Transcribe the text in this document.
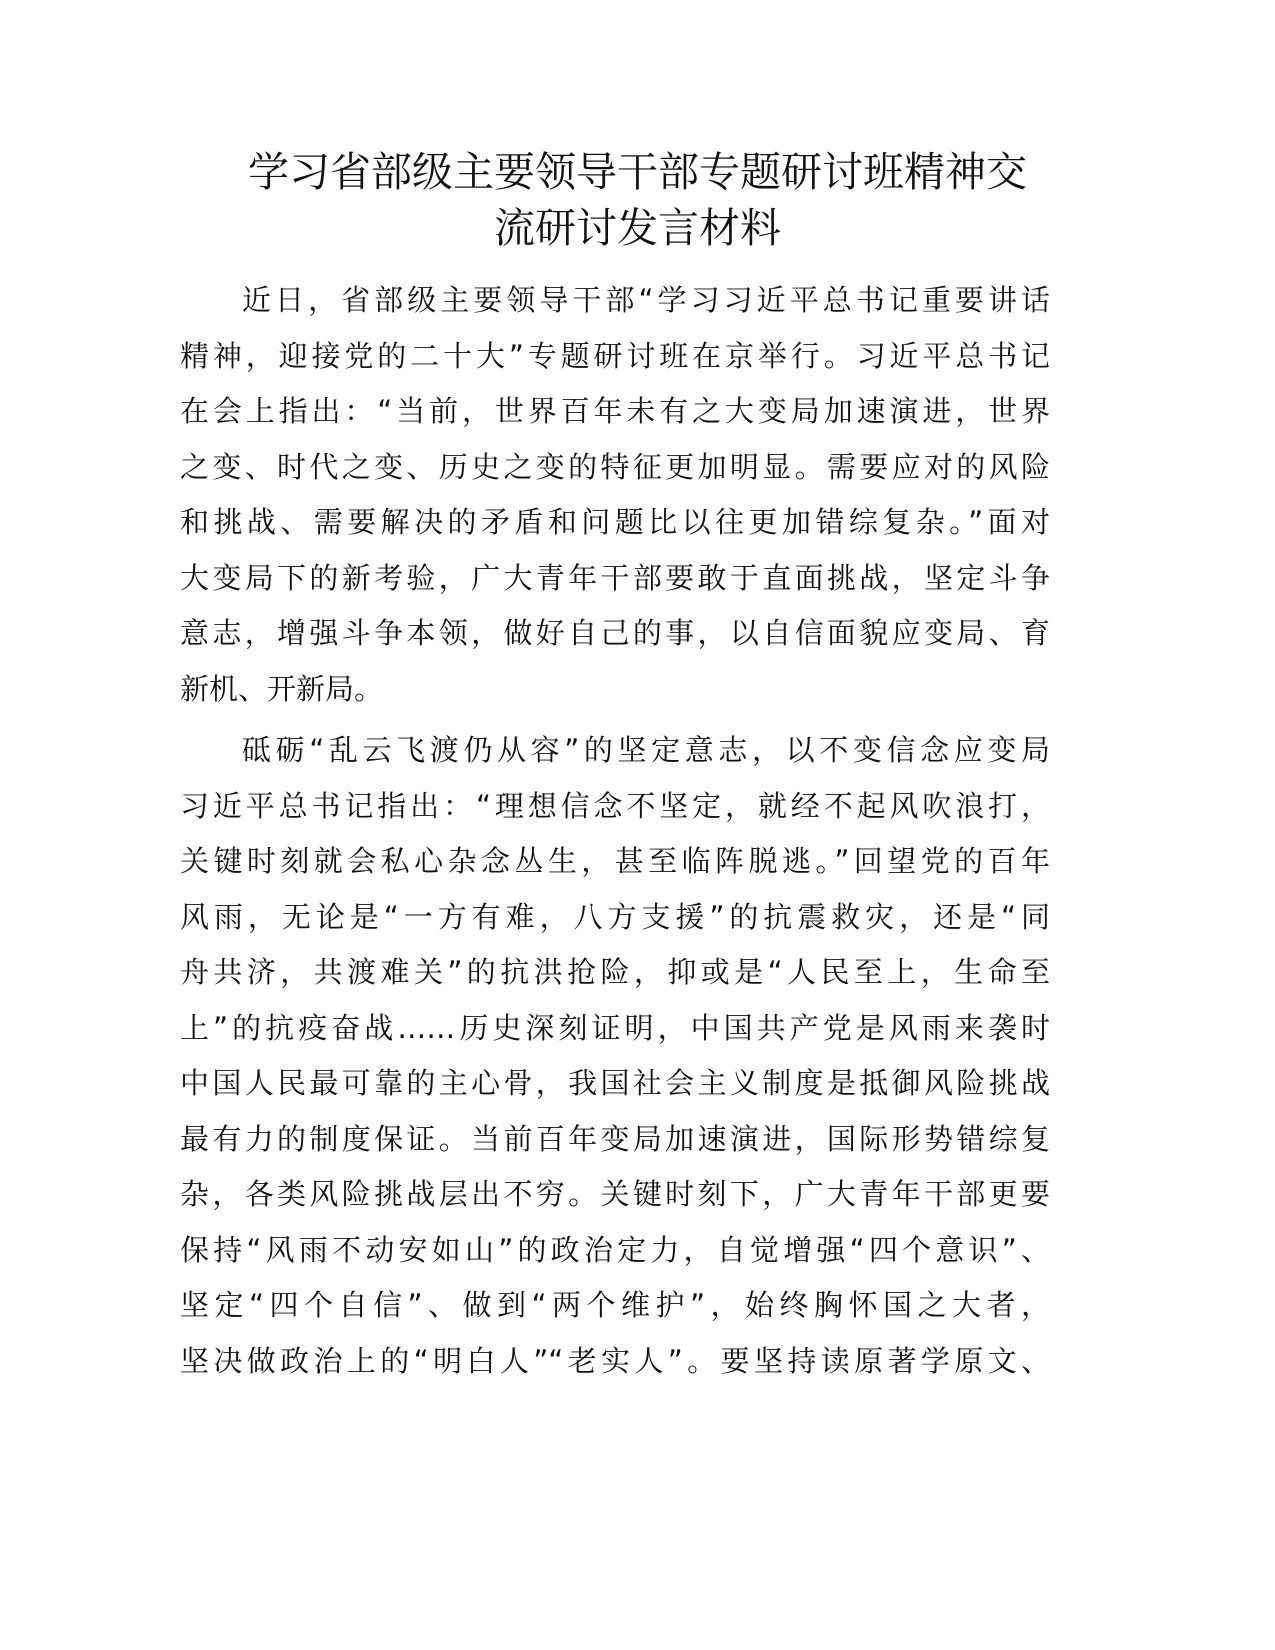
学习省部级主要领导干部专题研讨班精神交
流研讨发言材料
近日，省部级主要领导干部“学习习近平总书记重要讲话
精神，迎接党的二十大”专题研讨班在京举行。习近平总书记
在会上指出：“当前，世界百年未有之大变局加速演进，世界
之变、时代之变、历史之变的特征更加明显。需要应对的风险
和挑战、需要解决的矛盾和问题比以往更加错综复杂。”面对
大变局下的新考验，广大青年干部要敢于直面挑战，坚定斗争
意志，增强斗争本领，做好自己的事，以自信面貌应变局、育
新机、开新局。
砥砺“乱云飞渡仍从容”的坚定意志，以不变信念应变局
习近平总书记指出：“理想信念不坚定，就经不起风吹浪打，
关键时刻就会私心杂念丛生，甚至临阵脱逃。”回望党的百年
风雨，无论是“一方有难，八方支援”的抗震救灾，还是“同
舟共济，共渡难关”的抗洪抢险，抑或是“人民至上，生命至
上”的抗疫奋战……历史深刻证明，中国共产党是风雨来袭时
中国人民最可靠的主心骨，我国社会主义制度是抵御风险挑战
最有力的制度保证。当前百年变局加速演进，国际形势错综复
杂，各类风险挑战层出不穷。关键时刻下，广大青年干部更要
保持“风雨不动安如山”的政治定力，自觉增强“四个意识”、
坚定“四个自信”、做到“两个维护”，始终胸怀国之大者，
坚决做政治上的“明白人”“老实人”。要坚持读原著学原文、
